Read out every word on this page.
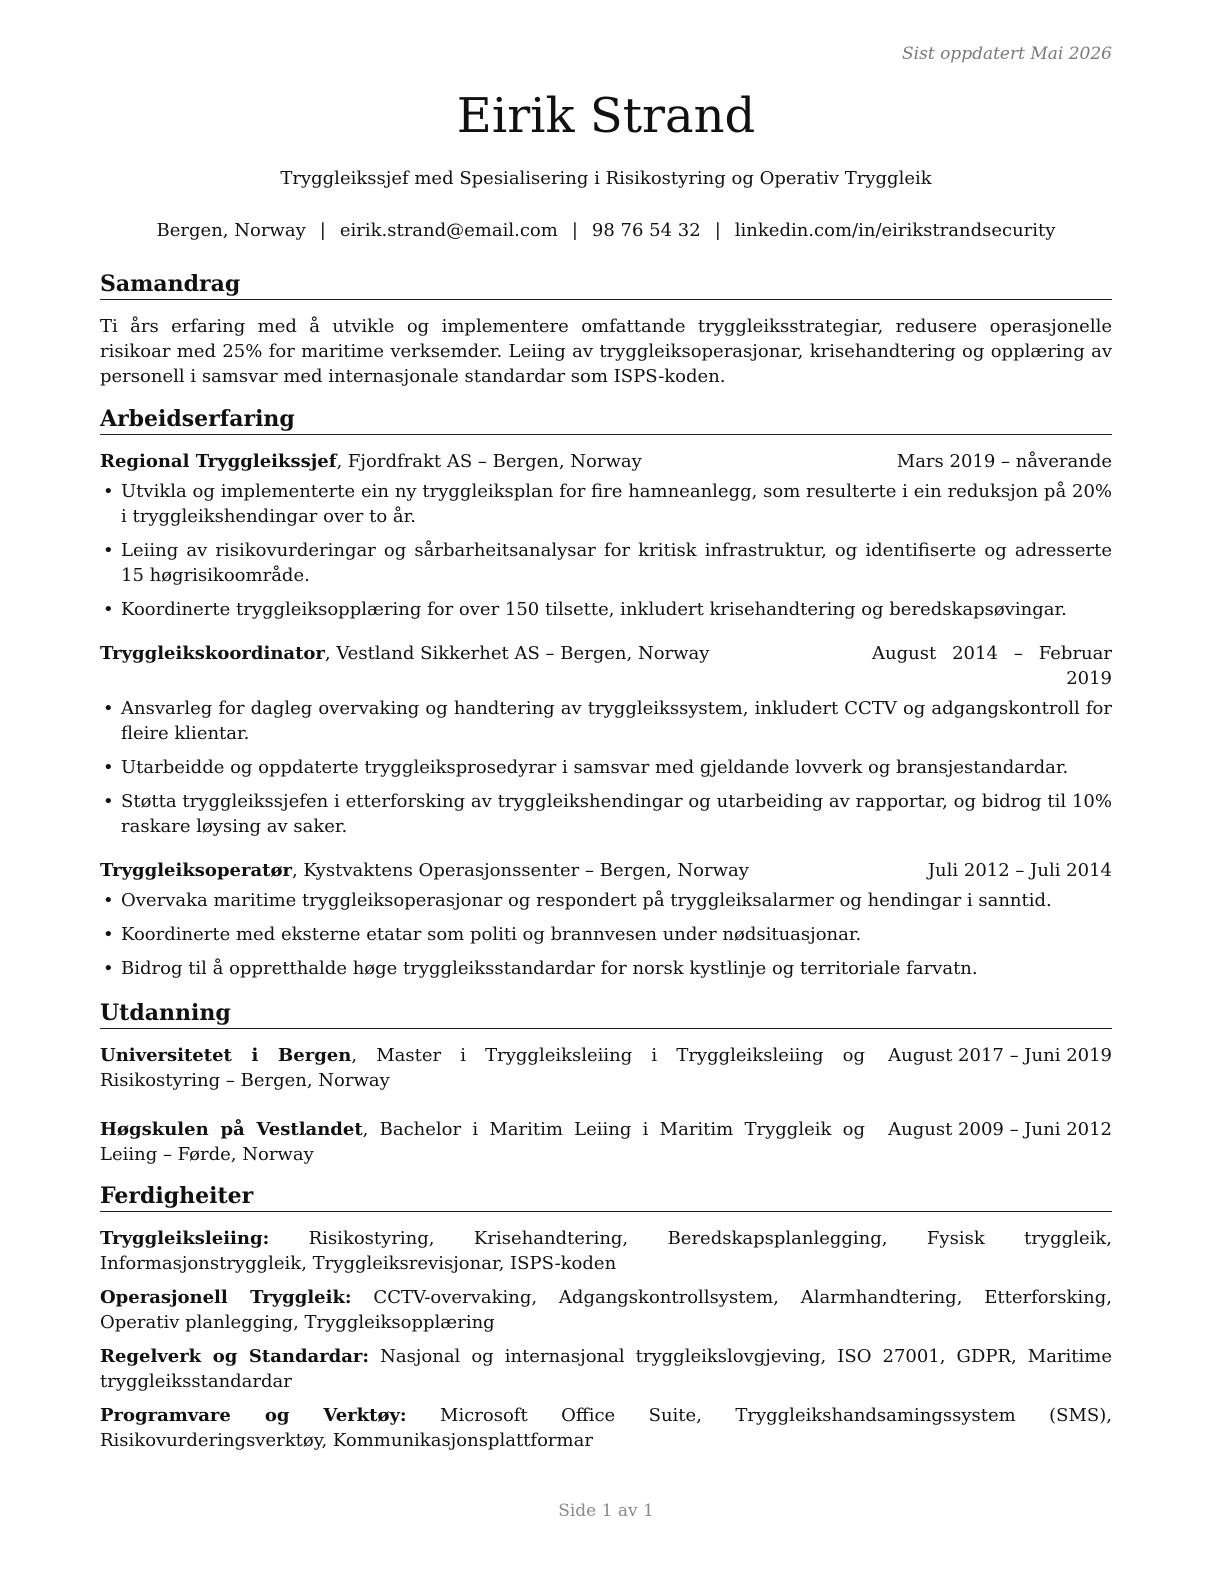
Sist oppdatert Mai 2026
Eirik Strand
Tryggleikssjef med Spesialisering i Risikostyring og Operativ Tryggleik
Bergen, Norway | eirik.strand@email.com | 98 76 54 32 | linkedin.com/in/eirikstrandsecurity
Samandrag
Ti års erfaring med å utvikle og implementere omfattande tryggleiksstrategiar, redusere operasjonelle risikoar med 25% for maritime verksemder. Leiing av tryggleiksoperasjonar, krisehandtering og opplæring av personell i samsvar med internasjonale standardar som ISPS-koden.
Arbeidserfaring
Regional Tryggleikssjef, Fjordfrakt AS – Bergen, Norway	Mars 2019 – nåverande
• Utvikla og implementerte ein ny tryggleiksplan for fire hamneanlegg, som resulterte i ein reduksjon på 20% i tryggleikshendingar over to år.
• Leiing av risikovurderingar og sårbarheitsanalysar for kritisk infrastruktur, og identifiserte og adresserte 15 høgrisikoområde.
• Koordinerte tryggleiksopplæring for over 150 tilsette, inkludert krisehandtering og beredskapsøvingar.
Tryggleikskoordinator, Vestland Sikkerhet AS – Bergen, Norway	August 2014 – Februar 2019
• Ansvarleg for dagleg overvaking og handtering av tryggleikssystem, inkludert CCTV og adgangskontroll for fleire klientar.
• Utarbeidde og oppdaterte tryggleiksprosedyrar i samsvar med gjeldande lovverk og bransjestandardar.
• Støtta tryggleikssjefen i etterforsking av tryggleikshendingar og utarbeiding av rapportar, og bidrog til 10% raskare løysing av saker.
Tryggleiksoperatør, Kystvaktens Operasjonssenter – Bergen, Norway	Juli 2012 – Juli 2014
• Overvaka maritime tryggleiksoperasjonar og respondert på tryggleiksalarmer og hendingar i sanntid.
• Koordinerte med eksterne etatar som politi og brannvesen under nødsituasjonar.
• Bidrog til å oppretthalde høge tryggleiksstandardar for norsk kystlinje og territoriale farvatn.
Utdanning
Universitetet i Bergen, Master i Tryggleiksleiing i Tryggleiksleiing og Risikostyring – Bergen, Norway
August 2017 – Juni 2019
Høgskulen på Vestlandet, Bachelor i Maritim Leiing i Maritim Tryggleik og Leiing – Førde, Norway
August 2009 – Juni 2012
Ferdigheiter
Tryggleiksleiing: Risikostyring, Krisehandtering, Beredskapsplanlegging, Fysisk tryggleik, Informasjonstryggleik, Tryggleiksrevisjonar, ISPS-koden
Operasjonell Tryggleik: CCTV-overvaking, Adgangskontrollsystem, Alarmhandtering, Etterforsking, Operativ planlegging, Tryggleiksopplæring
Regelverk og Standardar: Nasjonal og internasjonal tryggleikslovgjeving, ISO 27001, GDPR, Maritime tryggleiksstandardar
Programvare og Verktøy: Microsoft Office Suite, Tryggleikshandsamingssystem (SMS), Risikovurderingsverktøy, Kommunikasjonsplattformar
Side 1 av 1
